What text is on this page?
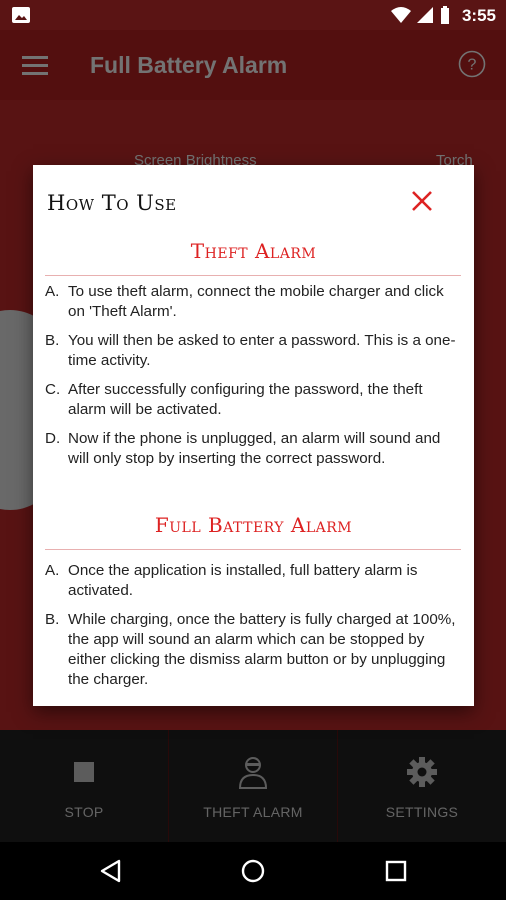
3:55
How To Use
Theft Alarm
A. To use theft alarm, connect the mobile charger and click on 'Theft Alarm'.
B. You will then be asked to enter a password. This is a one-time activity.
C. After successfully configuring the password, the theft alarm will be activated.
D. Now if the phone is unplugged, an alarm will sound and will only stop by inserting the correct password.
Full Battery Alarm
A. Once the application is installed, full battery alarm is activated.
B. While charging, once the battery is fully charged at 100%, the app will sound an alarm which can be stopped by either clicking the dismiss alarm button or by unplugging the charger.
